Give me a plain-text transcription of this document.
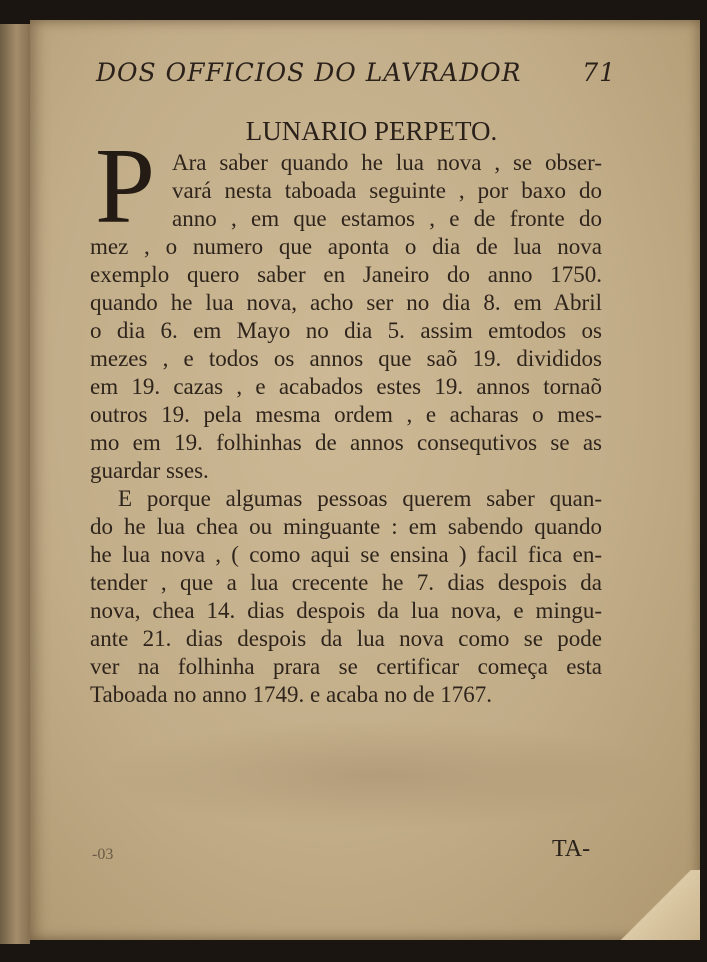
DOS OFFICIOS DO LAVRADOR 71
LUNARIO PERPETO.
P Ara saber quando he lua nova , se obser-
vará nesta taboada seguinte , por baxo do
anno , em que estamos , e de fronte do
mez , o numero que aponta o dia de lua nova
exemplo quero saber en Janeiro do anno 1750.
quando he lua nova, acho ser no dia 8. em Abril
o dia 6. em Mayo no dia 5. assim emtodos os
mezes , e todos os annos que saõ 19. divididos
em 19. cazas , e acabados estes 19. annos tornaõ
outros 19. pela mesma ordem , e acharas o mes-
mo em 19. folhinhas de annos consequtivos se as
guardar sses.
E porque algumas pessoas querem saber quan-
do he lua chea ou minguante : em sabendo quando
he lua nova , ( como aqui se ensina ) facil fica en-
tender , que a lua crecente he 7. dias despois da
nova, chea 14. dias despois da lua nova, e mingu-
ante 21. dias despois da lua nova como se pode
ver na folhinha prara se certificar começa esta
Taboada no anno 1749. e acaba no de 1767.
-03	TA-
